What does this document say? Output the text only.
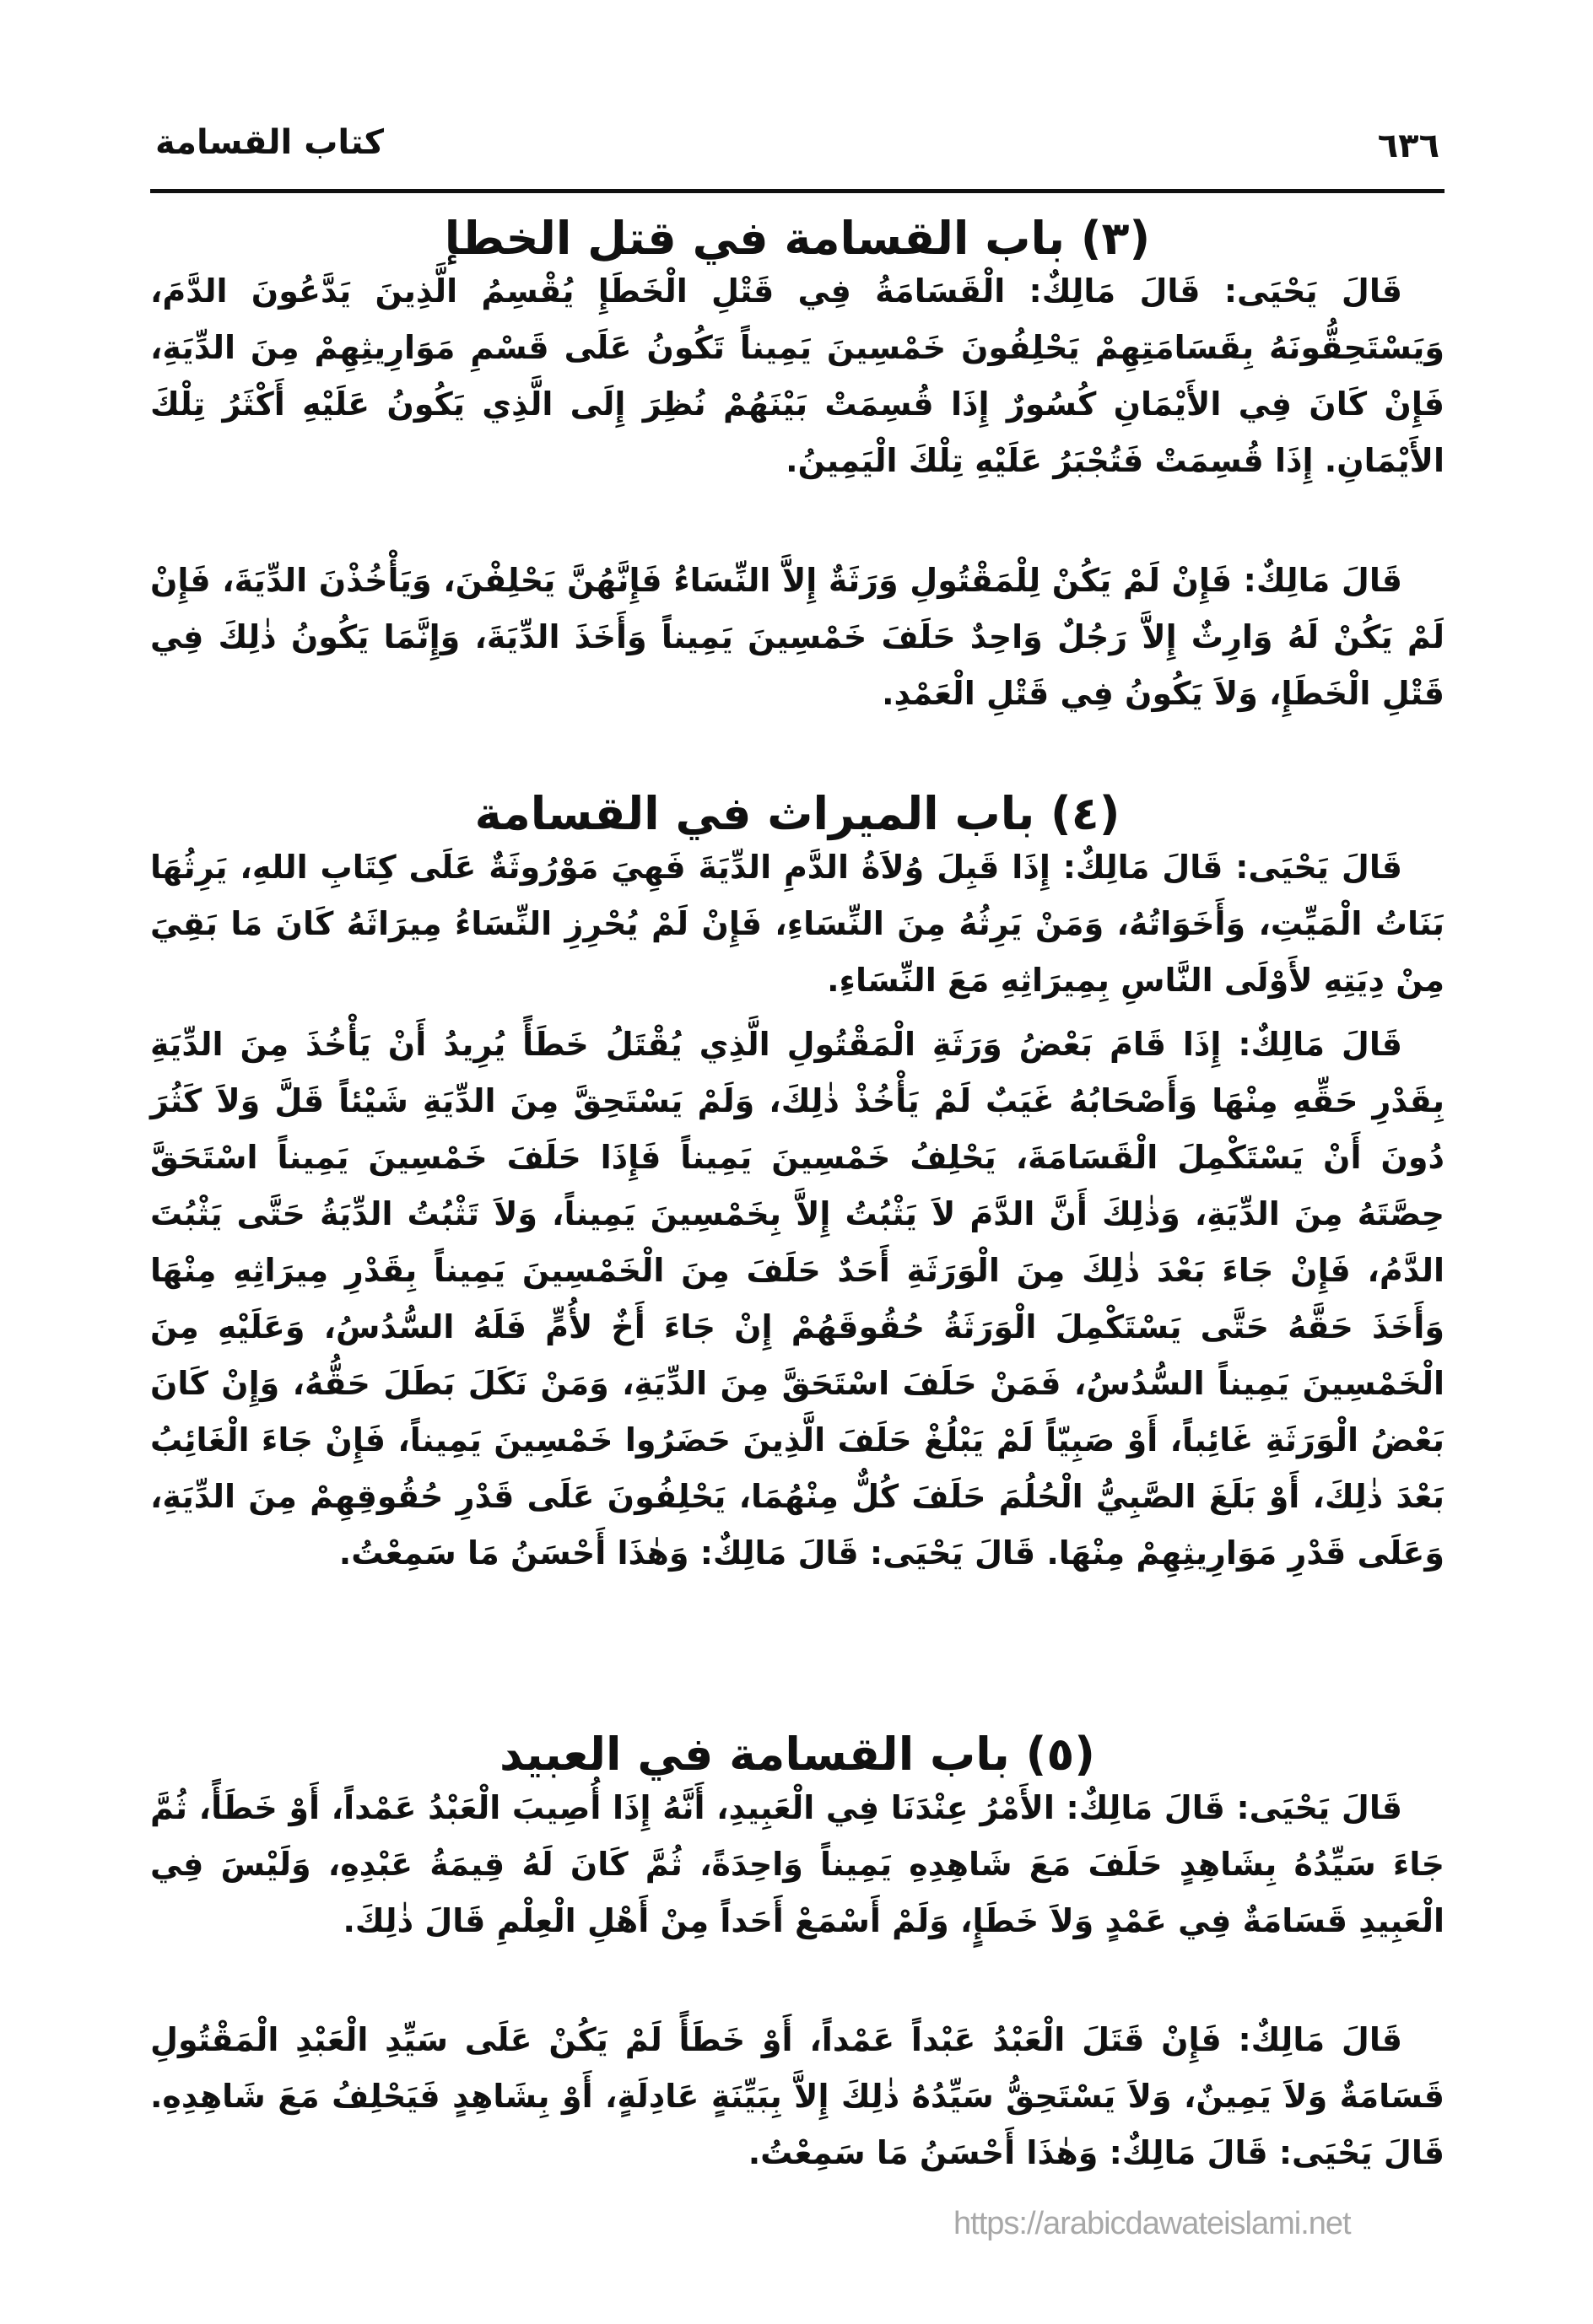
٦٣٦
كتاب القسامة
(٣) باب القسامة في قتل الخطإ

قَالَ يَحْيَى: قَالَ مَالِكٌ: الْقَسَامَةُ فِي قَتْلِ الْخَطَإِ يُقْسِمُ الَّذِينَ يَدَّعُونَ الدَّمَ، وَيَسْتَحِقُّونَهُ بِقَسَامَتِهِمْ يَحْلِفُونَ خَمْسِينَ يَمِيناً تَكُونُ عَلَى قَسْمِ مَوَارِيثِهِمْ مِنَ الدِّيَةِ، فَإِنْ كَانَ فِي الأَيْمَانِ كُسُورٌ إِذَا قُسِمَتْ بَيْنَهُمْ نُظِرَ إِلَى الَّذِي يَكُونُ عَلَيْهِ أَكْثَرُ تِلْكَ الأَيْمَانِ. إِذَا قُسِمَتْ فَتُجْبَرُ عَلَيْهِ تِلْكَ الْيَمِينُ.

قَالَ مَالِكٌ: فَإِنْ لَمْ يَكُنْ لِلْمَقْتُولِ وَرَثَةٌ إِلاَّ النِّسَاءُ فَإِنَّهُنَّ يَحْلِفْنَ، وَيَأْخُذْنَ الدِّيَةَ، فَإِنْ لَمْ يَكُنْ لَهُ وَارِثٌ إِلاَّ رَجُلٌ وَاحِدٌ حَلَفَ خَمْسِينَ يَمِيناً وَأَخَذَ الدِّيَةَ، وَإِنَّمَا يَكُونُ ذٰلِكَ فِي قَتْلِ الْخَطَإِ، وَلاَ يَكُونُ فِي قَتْلِ الْعَمْدِ.

(٤) باب الميراث في القسامة

قَالَ يَحْيَى: قَالَ مَالِكٌ: إِذَا قَبِلَ وُلاَةُ الدَّمِ الدِّيَةَ فَهِيَ مَوْرُوثَةٌ عَلَى كِتَابِ اللهِ، يَرِثُهَا بَنَاتُ الْمَيِّتِ، وَأَخَوَاتُهُ، وَمَنْ يَرِثُهُ مِنَ النِّسَاءِ، فَإِنْ لَمْ يُحْرِزِ النِّسَاءُ مِيرَاثَهُ كَانَ مَا بَقِيَ مِنْ دِيَتِهِ لأَوْلَى النَّاسِ بِمِيرَاثِهِ مَعَ النِّسَاءِ.

قَالَ مَالِكٌ: إِذَا قَامَ بَعْضُ وَرَثَةِ الْمَقْتُولِ الَّذِي يُقْتَلُ خَطَأً يُرِيدُ أَنْ يَأْخُذَ مِنَ الدِّيَةِ بِقَدْرِ حَقِّهِ مِنْهَا وَأَصْحَابُهُ غَيَبٌ لَمْ يَأْخُذْ ذٰلِكَ، وَلَمْ يَسْتَحِقَّ مِنَ الدِّيَةِ شَيْئاً قَلَّ وَلاَ كَثُرَ دُونَ أَنْ يَسْتَكْمِلَ الْقَسَامَةَ، يَحْلِفُ خَمْسِينَ يَمِيناً فَإِذَا حَلَفَ خَمْسِينَ يَمِيناً اسْتَحَقَّ حِصَّتَهُ مِنَ الدِّيَةِ، وَذٰلِكَ أَنَّ الدَّمَ لاَ يَثْبُتُ إِلاَّ بِخَمْسِينَ يَمِيناً، وَلاَ تَثْبُتُ الدِّيَةُ حَتَّى يَثْبُتَ الدَّمُ، فَإِنْ جَاءَ بَعْدَ ذٰلِكَ مِنَ الْوَرَثَةِ أَحَدٌ حَلَفَ مِنَ الْخَمْسِينَ يَمِيناً بِقَدْرِ مِيرَاثِهِ مِنْهَا وَأَخَذَ حَقَّهُ حَتَّى يَسْتَكْمِلَ الْوَرَثَةُ حُقُوقَهُمْ إِنْ جَاءَ أَخٌ لأُمٍّ فَلَهُ السُّدُسُ، وَعَلَيْهِ مِنَ الْخَمْسِينَ يَمِيناً السُّدُسُ، فَمَنْ حَلَفَ اسْتَحَقَّ مِنَ الدِّيَةِ، وَمَنْ نَكَلَ بَطَلَ حَقُّهُ، وَإِنْ كَانَ بَعْضُ الْوَرَثَةِ غَائِباً، أَوْ صَبِيّاً لَمْ يَبْلُغْ حَلَفَ الَّذِينَ حَضَرُوا خَمْسِينَ يَمِيناً، فَإِنْ جَاءَ الْغَائِبُ بَعْدَ ذٰلِكَ، أَوْ بَلَغَ الصَّبِيُّ الْحُلُمَ حَلَفَ كُلٌّ مِنْهُمَا، يَحْلِفُونَ عَلَى قَدْرِ حُقُوقِهِمْ مِنَ الدِّيَةِ، وَعَلَى قَدْرِ مَوَارِيثِهِمْ مِنْهَا. قَالَ يَحْيَى: قَالَ مَالِكٌ: وَهٰذَا أَحْسَنُ مَا سَمِعْتُ.

(٥) باب القسامة في العبيد

قَالَ يَحْيَى: قَالَ مَالِكٌ: الأَمْرُ عِنْدَنَا فِي الْعَبِيدِ، أَنَّهُ إِذَا أُصِيبَ الْعَبْدُ عَمْداً، أَوْ خَطَأً، ثُمَّ جَاءَ سَيِّدُهُ بِشَاهِدٍ حَلَفَ مَعَ شَاهِدِهِ يَمِيناً وَاحِدَةً، ثُمَّ كَانَ لَهُ قِيمَةُ عَبْدِهِ، وَلَيْسَ فِي الْعَبِيدِ قَسَامَةٌ فِي عَمْدٍ وَلاَ خَطَإٍ، وَلَمْ أَسْمَعْ أَحَداً مِنْ أَهْلِ الْعِلْمِ قَالَ ذٰلِكَ.

قَالَ مَالِكٌ: فَإِنْ قَتَلَ الْعَبْدُ عَبْداً عَمْداً، أَوْ خَطَأً لَمْ يَكُنْ عَلَى سَيِّدِ الْعَبْدِ الْمَقْتُولِ قَسَامَةٌ وَلاَ يَمِينٌ، وَلاَ يَسْتَحِقُّ سَيِّدُهُ ذٰلِكَ إِلاَّ بِبَيِّنَةٍ عَادِلَةٍ، أَوْ بِشَاهِدٍ فَيَحْلِفُ مَعَ شَاهِدِهِ. قَالَ يَحْيَى: قَالَ مَالِكٌ: وَهٰذَا أَحْسَنُ مَا سَمِعْتُ.

https://arabicdawateislami.net
